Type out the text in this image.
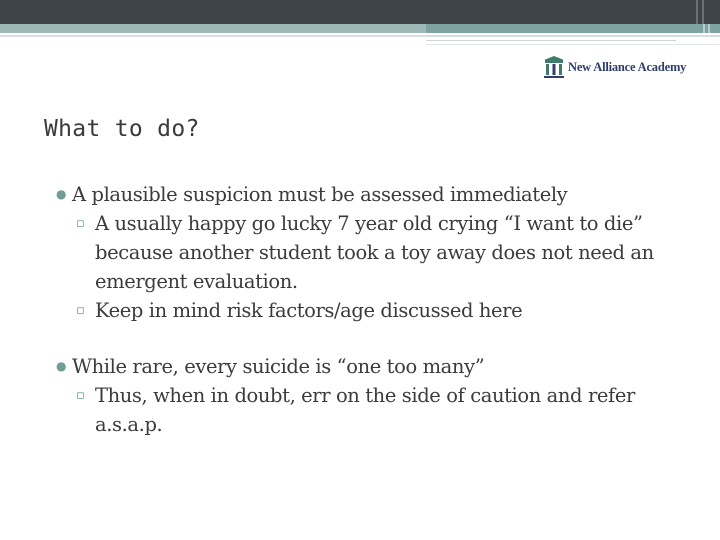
New Alliance Academy
What to do?
● A plausible suspicion must be assessed immediately
▫ A usually happy go lucky 7 year old crying “I want to die” because another student took a toy away does not need an emergent evaluation.
▫ Keep in mind risk factors/age discussed here
● While rare, every suicide is “one too many”
▫ Thus, when in doubt, err on the side of caution and refer a.s.a.p.
